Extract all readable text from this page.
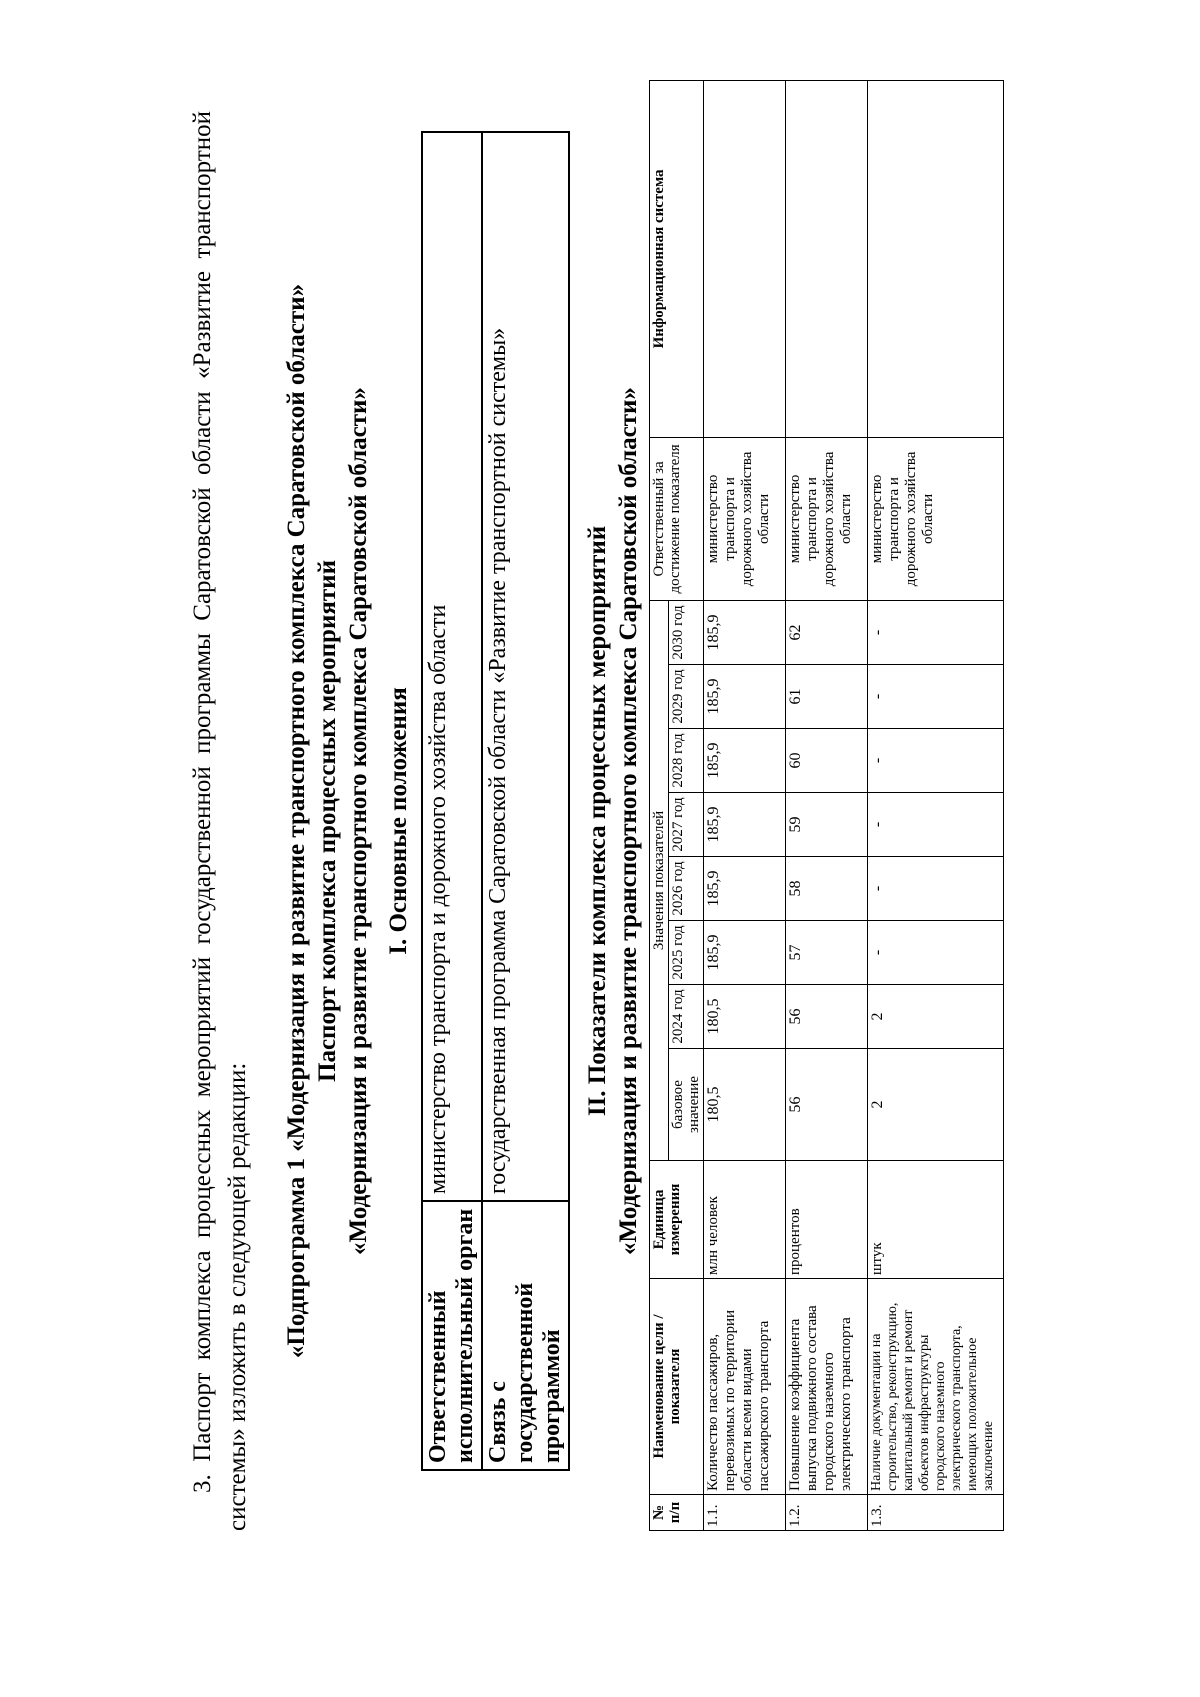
3. Паспорт комплекса процессных мероприятий государственной программы Саратовской области «Развитие транспортной системы» изложить в следующей редакции: «Подпрограмма 1 «Модернизация и развитие транспортного комплекса Саратовской области» Паспорт комплекса процессных мероприятий «Модернизация и развитие транспортного комплекса Саратовской области» I. Основные положения
Ответственный исполнительный орган	министерство транспорта и дорожного хозяйства области
Связь с государственной программой	государственная программа Саратовской области «Развитие транспортной системы»	II. Показатели комплекса процессных мероприятий «Модернизация и развитие транспортного комплекса Саратовской области»
№ п/п	Наименование цели / показателя	Единица измерения	Значения показателей								Ответственный за достижение показателя	Информационная система
			базовое значение	2024 год	2025 год	2026 год	2027 год	2028 год	2029 год	2030 год		
1.1.	Количество пассажиров, перевозимых по территории области всеми видами пассажирского транспорта	млн человек	180,5	180,5	185,9	185,9	185,9	185,9	185,9	185,9	министерство транспорта и дорожного хозяйства области	
1.2.	Повышение коэффициента выпуска подвижного состава городского наземного электрического транспорта	процентов	56	56	57	58	59	60	61	62	министерство транспорта и дорожного хозяйства области	
1.3.	Наличие документации на строительство, реконструкцию, капитальный ремонт и ремонт объектов инфраструктуры городского наземного электрического транспорта, имеющих положительное заключение	штук	2	2	-	-	-	-	-	-	министерство транспорта и дорожного хозяйства области	
